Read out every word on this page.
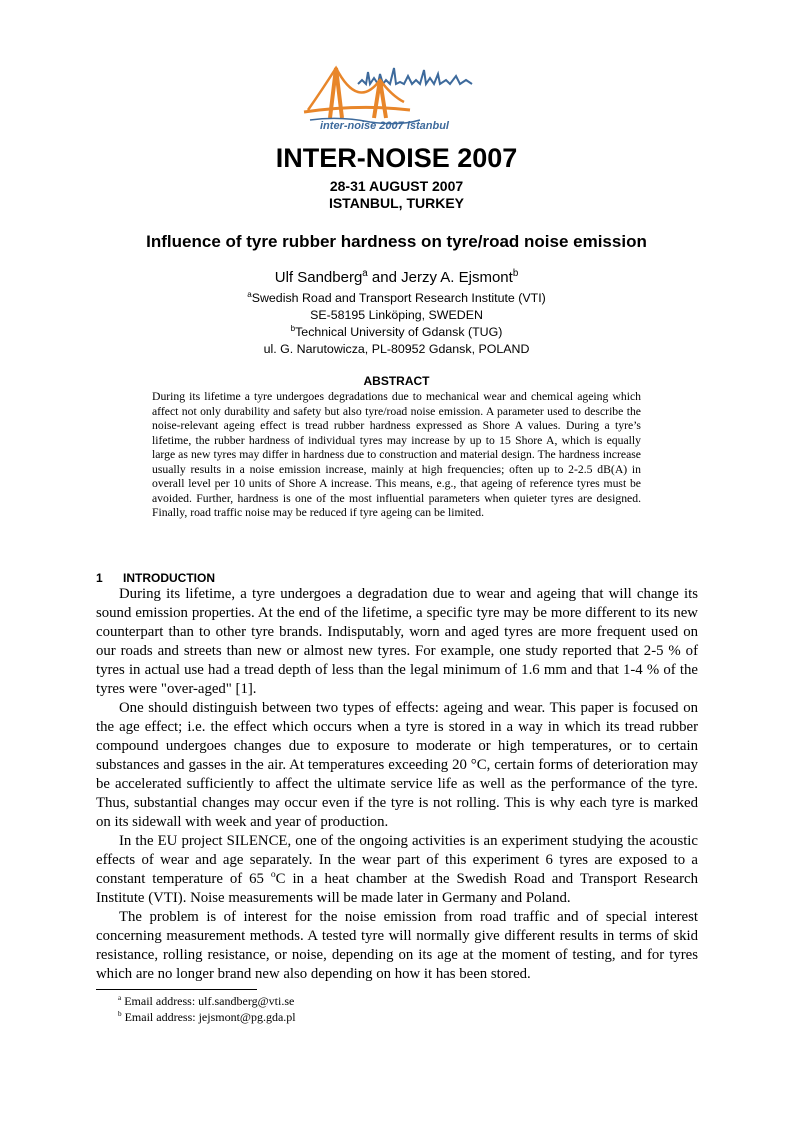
inter-noise 2007 istanbul
INTER-NOISE 2007
28-31 AUGUST 2007
ISTANBUL, TURKEY
Influence of tyre rubber hardness on tyre/road noise emission
Ulf Sandberg$^a$ and Jerzy A. Ejsmont$^b$
$^a$Swedish Road and Transport Research Institute (VTI)
SE-58195 Linköping, SWEDEN
$^b$Technical University of Gdansk (TUG)
ul. G. Narutowicza, PL-80952 Gdansk, POLAND
ABSTRACT
During its lifetime a tyre undergoes degradations due to mechanical wear and chemical ageing which affect not only durability and safety but also tyre/road noise emission. A parameter used to describe the noise-relevant ageing effect is tread rubber hardness expressed as Shore A values. During a tyre’s lifetime, the rubber hardness of individual tyres may increase by up to 15 Shore A, which is equally large as new tyres may differ in hardness due to construction and material design. The hardness increase usually results in a noise emission increase, mainly at high frequencies; often up to 2-2.5 dB(A) in overall level per 10 units of Shore A increase. This means, e.g., that ageing of reference tyres must be avoided. Further, hardness is one of the most influential parameters when quieter tyres are designed. Finally, road traffic noise may be reduced if tyre ageing can be limited.
1 INTRODUCTION

During its lifetime, a tyre undergoes a degradation due to wear and ageing that will change its sound emission properties. At the end of the lifetime, a specific tyre may be more different to its new counterpart than to other tyre brands. Indisputably, worn and aged tyres are more frequent used on our roads and streets than new or almost new tyres. For example, one study reported that 2-5 % of tyres in actual use had a tread depth of less than the legal minimum of 1.6 mm and that 1-4 % of the tyres were "over-aged" [1].

One should distinguish between two types of effects: ageing and wear. This paper is focused on the age effect; i.e. the effect which occurs when a tyre is stored in a way in which its tread rubber compound undergoes changes due to exposure to moderate or high temperatures, or to certain substances and gasses in the air. At temperatures exceeding 20 °C, certain forms of deterioration may be accelerated sufficiently to affect the ultimate service life as well as the performance of the tyre. Thus, substantial changes may occur even if the tyre is not rolling. This is why each tyre is marked on its sidewall with week and year of production.

In the EU project SILENCE, one of the ongoing activities is an experiment studying the acoustic effects of wear and age separately. In the wear part of this experiment 6 tyres are exposed to a constant temperature of 65 $^o$C in a heat chamber at the Swedish Road and Transport Research Institute (VTI). Noise measurements will be made later in Germany and Poland.

The problem is of interest for the noise emission from road traffic and of special interest concerning measurement methods. A tested tyre will normally give different results in terms of skid resistance, rolling resistance, or noise, depending on its age at the moment of testing, and for tyres which are no longer brand new also depending on how it has been stored.

$^a$ Email address: ulf.sandberg@vti.se
$^b$ Email address: jejsmont@pg.gda.pl
